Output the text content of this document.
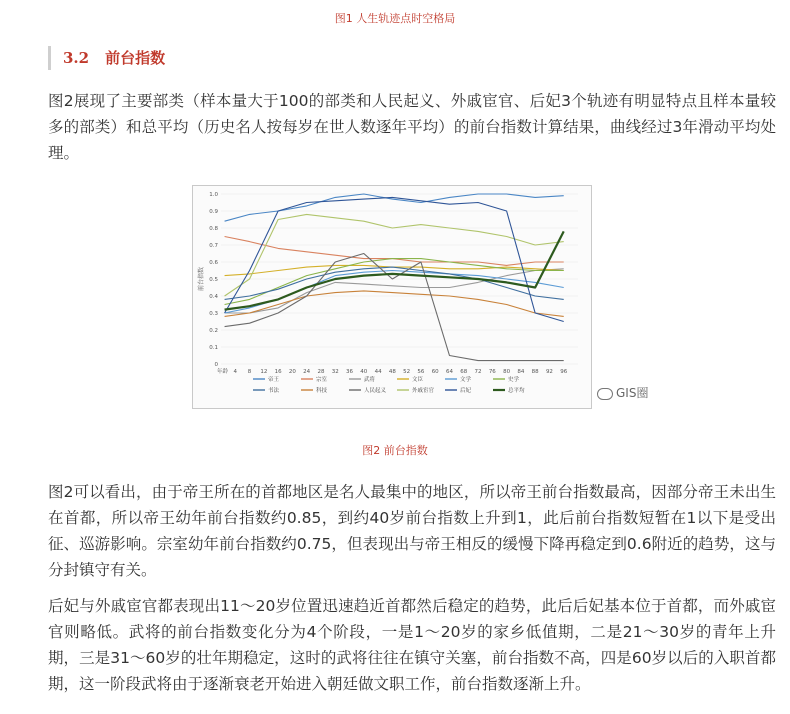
图1 人生轨迹点时空格局
3.2 前台指数
图2展现了主要部类（样本量大于100的部类和人民起义、外戚宦官、后妃3个轨迹有明显特点且样本量较多的部类）和总平均（历史名人按每岁在世人数逐年平均）的前台指数计算结果，曲线经过3年滑动平均处理。
0
0.1
0.2
0.3
0.4
0.5
0.6
0.7
0.8
0.9
1.0
年龄 4 8 12 16 20 24 28 32 36 40 44 48 52 56 60 64 68 72 76 80 84 88 92 96
前台指数
帝王	宗室	武将	文臣	文学	史学
书法	科技	人民起义	外戚宦官	后妃	总平均	GIS圈
图2 前台指数
图2可以看出，由于帝王所在的首都地区是名人最集中的地区，所以帝王前台指数最高，因部分帝王未出生在首都，所以帝王幼年前台指数约0.85，到约40岁前台指数上升到1，此后前台指数短暂在1以下是受出征、巡游影响。宗室幼年前台指数约0.75，但表现出与帝王相反的缓慢下降再稳定到0.6附近的趋势，这与分封镇守有关。
后妃与外戚宦官都表现出11～20岁位置迅速趋近首都然后稳定的趋势，此后后妃基本位于首都，而外戚宦官则略低。武将的前台指数变化分为4个阶段，一是1～20岁的家乡低值期，二是21～30岁的青年上升期，三是31～60岁的壮年期稳定，这时的武将往往在镇守关塞，前台指数不高，四是60岁以后的入职首都期，这一阶段武将由于逐渐衰老开始进入朝廷做文职工作，前台指数逐渐上升。
